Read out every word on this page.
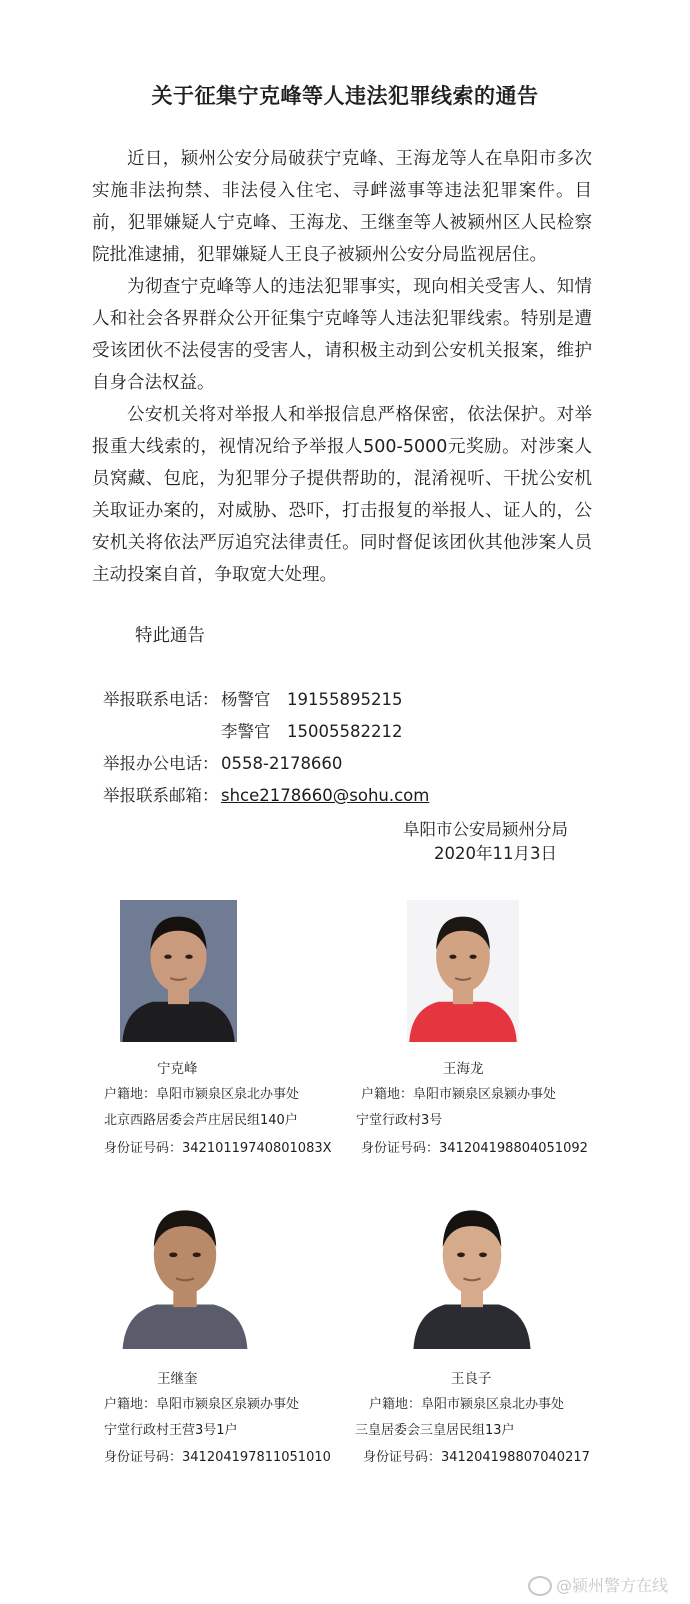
关于征集宁克峰等人违法犯罪线索的通告

近日，颍州公安分局破获宁克峰、王海龙等人在阜阳市多次实施非法拘禁、非法侵入住宅、寻衅滋事等违法犯罪案件。目前，犯罪嫌疑人宁克峰、王海龙、王继奎等人被颍州区人民检察院批准逮捕，犯罪嫌疑人王良子被颍州公安分局监视居住。

为彻查宁克峰等人的违法犯罪事实，现向相关受害人、知情人和社会各界群众公开征集宁克峰等人违法犯罪线索。特别是遭受该团伙不法侵害的受害人，请积极主动到公安机关报案，维护自身合法权益。

公安机关将对举报人和举报信息严格保密，依法保护。对举报重大线索的，视情况给予举报人500-5000元奖励。对涉案人员窝藏、包庇，为犯罪分子提供帮助的，混淆视听、干扰公安机关取证办案的，对威胁、恐吓，打击报复的举报人、证人的，公安机关将依法严厉追究法律责任。同时督促该团伙其他涉案人员主动投案自首，争取宽大处理。

特此通告
举报联系电话： 杨警官 19155895215
李警官 15005582212
举报办公电话： 0558-2178660
举报联系邮箱： shce2178660@sohu.com
阜阳市公安局颍州分局
2020年11月3日
宁克峰
户籍地：阜阳市颍泉区泉北办事处
北京西路居委会芦庄居民组140户
身份证号码：34210119740801083X
王海龙
户籍地：阜阳市颍泉区泉颍办事处
宁堂行政村3号
身份证号码：341204198804051092
王继奎
户籍地：阜阳市颍泉区泉颍办事处
宁堂行政村王营3号1户
身份证号码：341204197811051010
王良子
户籍地：阜阳市颍泉区泉北办事处
三皇居委会三皇居民组13户
身份证号码：341204198807040217
@颍州警方在线
